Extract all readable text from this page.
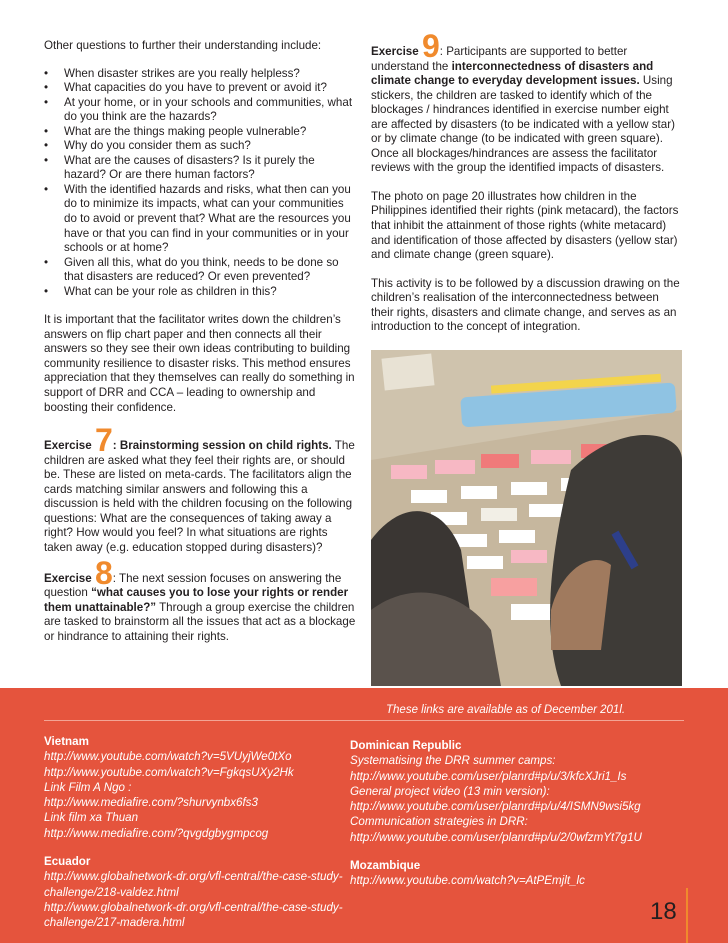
Other questions to further their understanding include:

• When disaster strikes are you really helpless?
• What capacities do you have to prevent or avoid it?
• At your home, or in your schools and communities, what do you think are the hazards?
• What are the things making people vulnerable?
• Why do you consider them as such?
• What are the causes of disasters? Is it purely the hazard? Or are there human factors?
• With the identified hazards and risks, what then can you do to minimize its impacts, what can your communities do to avoid or prevent that? What are the resources you have or that you can find in your communities or in your schools or at home?
• Given all this, what do you think, needs to be done so that disasters are reduced? Or even prevented?
• What can be your role as children in this?

It is important that the facilitator writes down the children’s answers on flip chart paper and then connects all their answers so they see their own ideas contributing to building community resilience to disaster risks. This method ensures appreciation that they themselves can really do something in support of DRR and CCA – leading to ownership and boosting their confidence.

Exercise 7: Brainstorming session on child rights. The children are asked what they feel their rights are, or should be. These are listed on meta-cards. The facilitators align the cards matching similar answers and following this a discussion is held with the children focusing on the following questions: What are the consequences of taking away a right? How would you feel? In what situations are rights taken away (e.g. education stopped during disasters)?

Exercise 8: The next session focuses on answering the question “what causes you to lose your rights or render them unattainable?” Through a group exercise the children are tasked to brainstorm all the issues that act as a blockage or hindrance to attaining their rights.

Exercise 9: Participants are supported to better understand the interconnectedness of disasters and climate change to everyday development issues. Using stickers, the children are tasked to identify which of the blockages / hindrances identified in exercise number eight are affected by disasters (to be indicated with a yellow star) or by climate change (to be indicated with green square). Once all blockages/hindrances are assess the facilitator reviews with the group the identified impacts of disasters.

The photo on page 20 illustrates how children in the Philippines identified their rights (pink metacard), the factors that inhibit the attainment of those rights (white metacard) and identification of those affected by disasters (yellow star) and climate change (green square).

This activity is to be followed by a discussion drawing on the children’s realisation of the interconnectedness between their rights, disasters and climate change, and serves as an introduction to the concept of integration.

These links are available as of December 201l.
Vietnam
http://www.youtube.com/watch?v=5VUyjWe0tXo
http://www.youtube.com/watch?v=FgkqsUXy2Hk
Link Film A Ngo :
http://www.mediafire.com/?shurvynbx6fs3
Link film xa Thuan
http://www.mediafire.com/?qvgdgbygmpcog
Ecuador
http://www.globalnetwork-dr.org/vfl-central/the-case-study-challenge/218-valdez.html
http://www.globalnetwork-dr.org/vfl-central/the-case-study-challenge/217-madera.html
Dominican Republic
Systematising the DRR summer camps:
http://www.youtube.com/user/planrd#p/u/3/kfcXJri1_Is
General project video (13 min version):
http://www.youtube.com/user/planrd#p/u/4/ISMN9wsi5kg
Communication strategies in DRR:
http://www.youtube.com/user/planrd#p/u/2/0wfzmYt7g1U
Mozambique
http://www.youtube.com/watch?v=AtPEmjlt_lc
18
